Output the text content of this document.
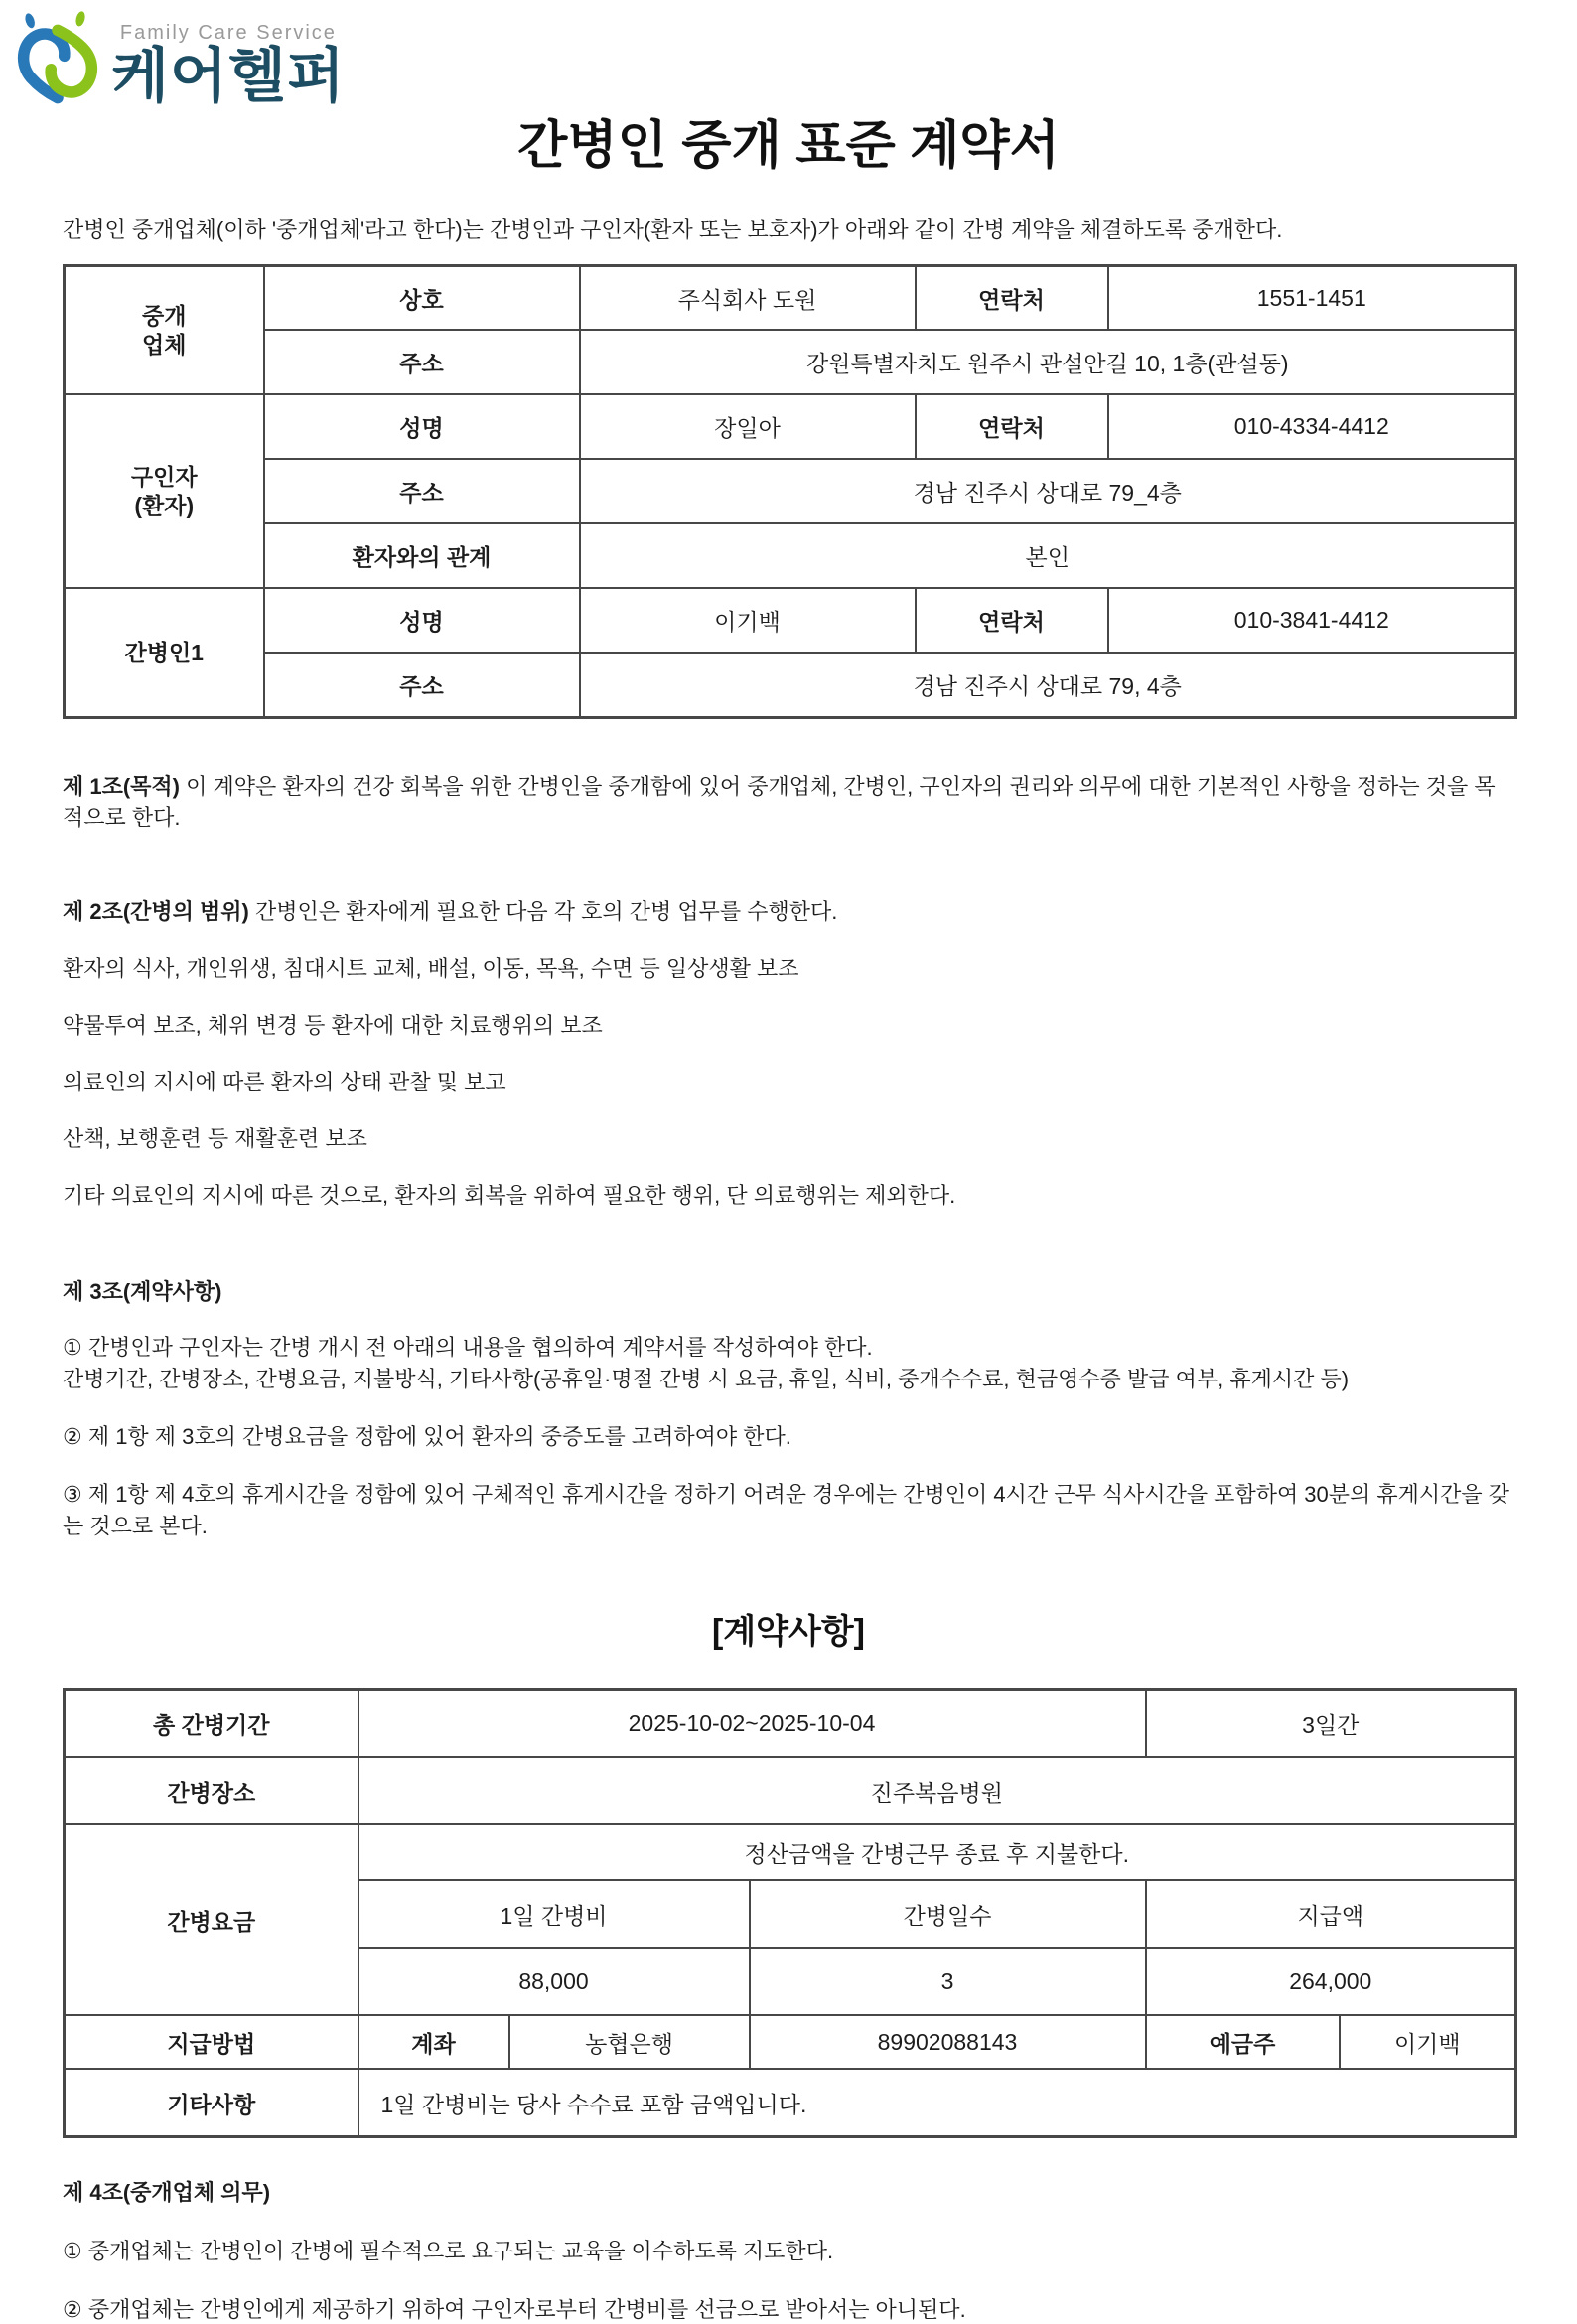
Family Care Service
케어헬퍼
간병인 중개 표준 계약서

간병인 중개업체(이하 '중개업체'라고 한다)는 간병인과 구인자(환자 또는 보호자)가 아래와 같이 간병 계약을 체결하도록 중개한다.

중개
업체	상호	주식회사 도원	연락처	1551-1451
	주소	강원특별자치도 원주시 관설안길 10, 1층(관설동)		

구인자
(환자)	성명	장일아	연락처	010-4334-4412
	주소	경남 진주시 상대로 79_4층		
	환자와의 관계	본인		

간병인1	성명	이기백	연락처	010-3841-4412
	주소	경남 진주시 상대로 79, 4층		

제 1조(목적) 이 계약은 환자의 건강 회복을 위한 간병인을 중개함에 있어 중개업체, 간병인, 구인자의 권리와 의무에 대한 기본적인 사항을 정하는 것을 목적으로 한다.

제 2조(간병의 범위) 간병인은 환자에게 필요한 다음 각 호의 간병 업무를 수행한다.

환자의 식사, 개인위생, 침대시트 교체, 배설, 이동, 목욕, 수면 등 일상생활 보조
약물투여 보조, 체위 변경 등 환자에 대한 치료행위의 보조
의료인의 지시에 따른 환자의 상태 관찰 및 보고
산책, 보행훈련 등 재활훈련 보조
기타 의료인의 지시에 따른 것으로, 환자의 회복을 위하여 필요한 행위, 단 의료행위는 제외한다.
제 3조(계약사항)

① 간병인과 구인자는 간병 개시 전 아래의 내용을 협의하여 계약서를 작성하여야 한다.
간병기간, 간병장소, 간병요금, 지불방식, 기타사항(공휴일·명절 간병 시 요금, 휴일, 식비, 중개수수료, 현금영수증 발급 여부, 휴게시간 등)

② 제 1항 제 3호의 간병요금을 정함에 있어 환자의 중증도를 고려하여야 한다.

③ 제 1항 제 4호의 휴게시간을 정함에 있어 구체적인 휴게시간을 정하기 어려운 경우에는 간병인이 4시간 근무 식사시간을 포함하여 30분의 휴게시간을 갖는 것으로 본다.

[계약사항]
총 간병기간	2025-10-02~2025-10-04			3일간	
간병장소	진주복음병원				
간병요금	정산금액을 간병근무 종료 후 지불한다.				
	1일 간병비		간병일수	지급액	
	88,000		3	264,000	
지급방법	계좌	농협은행	89902088143	예금주	이기백
기타사항	1일 간병비는 당사 수수료 포함 금액입니다.				
제 4조(중개업체 의무)

① 중개업체는 간병인이 간병에 필수적으로 요구되는 교육을 이수하도록 지도한다.

② 중개업체는 간병인에게 제공하기 위하여 구인자로부터 간병비를 선금으로 받아서는 아니된다.
